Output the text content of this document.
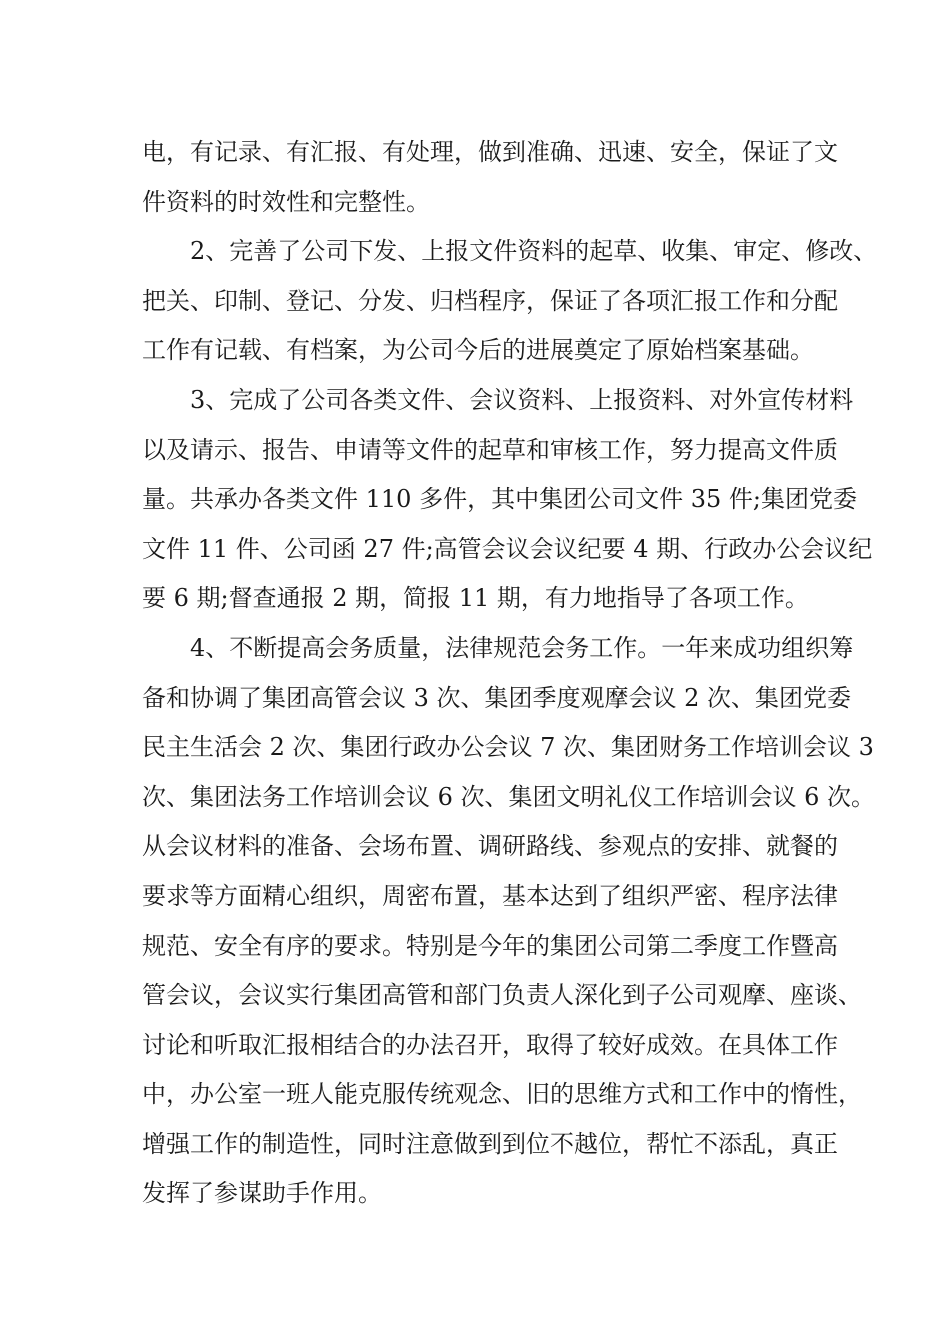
电，有记录、有汇报、有处理，做到准确、迅速、安全，保证了文
件资料的时效性和完整性。
2、完善了公司下发、上报文件资料的起草、收集、审定、修改、
把关、印制、登记、分发、归档程序，保证了各项汇报工作和分配
工作有记载、有档案，为公司今后的进展奠定了原始档案基础。
3、完成了公司各类文件、会议资料、上报资料、对外宣传材料
以及请示、报告、申请等文件的起草和审核工作，努力提高文件质
量。共承办各类文件 110 多件，其中集团公司文件 35 件;集团党委
文件 11 件、公司函 27 件;高管会议会议纪要 4 期、行政办公会议纪
要 6 期;督查通报 2 期，简报 11 期，有力地指导了各项工作。
4、不断提高会务质量，法律规范会务工作。一年来成功组织筹
备和协调了集团高管会议 3 次、集团季度观摩会议 2 次、集团党委
民主生活会 2 次、集团行政办公会议 7 次、集团财务工作培训会议 3
次、集团法务工作培训会议 6 次、集团文明礼仪工作培训会议 6 次。
从会议材料的准备、会场布置、调研路线、参观点的安排、就餐的
要求等方面精心组织，周密布置，基本达到了组织严密、程序法律
规范、安全有序的要求。特别是今年的集团公司第二季度工作暨高
管会议，会议实行集团高管和部门负责人深化到子公司观摩、座谈、
讨论和听取汇报相结合的办法召开，取得了较好成效。在具体工作
中，办公室一班人能克服传统观念、旧的思维方式和工作中的惰性，
增强工作的制造性，同时注意做到到位不越位，帮忙不添乱，真正
发挥了参谋助手作用。
